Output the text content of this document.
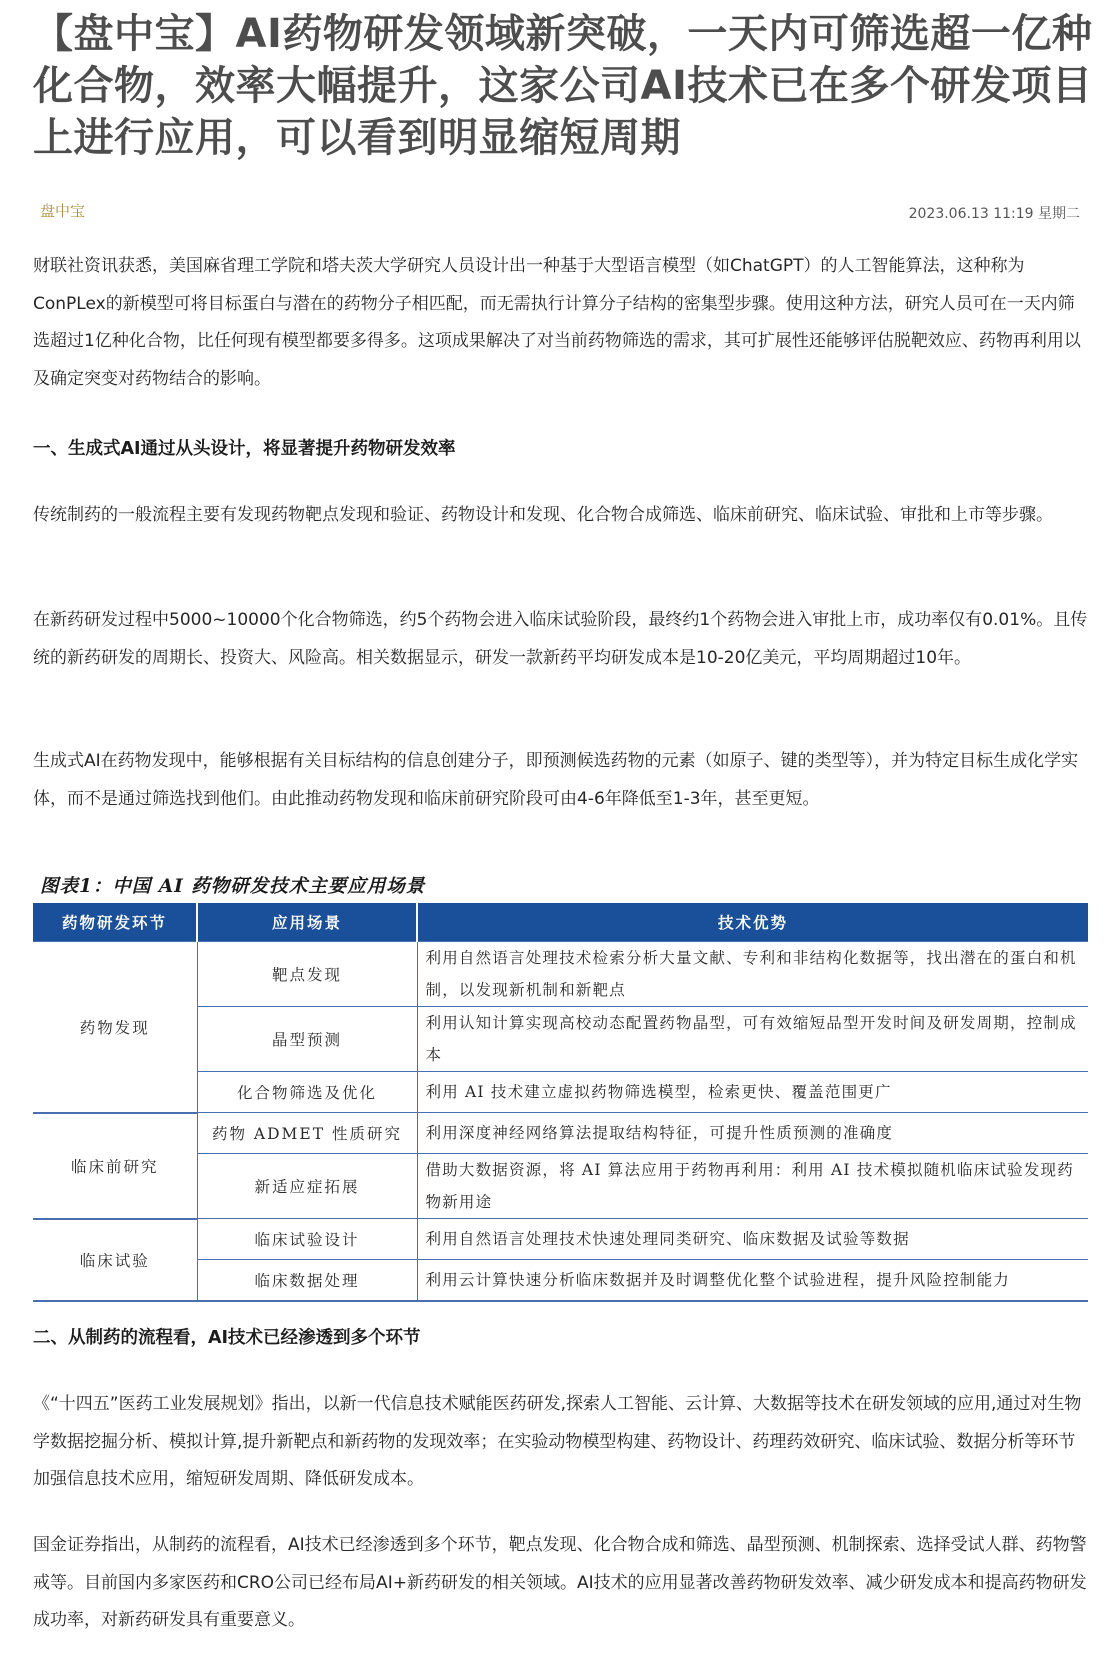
【盘中宝】AI药物研发领域新突破，一天内可筛选超一亿种化合物，效率大幅提升，这家公司AI技术已在多个研发项目上进行应用，可以看到明显缩短周期
盘中宝	2023.06.13 11:19 星期二

财联社资讯获悉，美国麻省理工学院和塔夫茨大学研究人员设计出一种基于大型语言模型（如ChatGPT）的人工智能算法，这种称为ConPLex的新模型可将目标蛋白与潜在的药物分子相匹配，而无需执行计算分子结构的密集型步骤。使用这种方法，研究人员可在一天内筛选超过1亿种化合物，比任何现有模型都要多得多。这项成果解决了对当前药物筛选的需求，其可扩展性还能够评估脱靶效应、药物再利用以及确定突变对药物结合的影响。

一、生成式AI通过从头设计，将显著提升药物研发效率

传统制药的一般流程主要有发现药物靶点发现和验证、药物设计和发现、化合物合成筛选、临床前研究、临床试验、审批和上市等步骤。

在新药研发过程中5000~10000个化合物筛选，约5个药物会进入临床试验阶段，最终约1个药物会进入审批上市，成功率仅有0.01%。且传统的新药研发的周期长、投资大、风险高。相关数据显示，研发一款新药平均研发成本是10-20亿美元，平均周期超过10年。

生成式AI在药物发现中，能够根据有关目标结构的信息创建分子，即预测候选药物的元素（如原子、键的类型等），并为特定目标生成化学实体，而不是通过筛选找到他们。由此推动药物发现和临床前研究阶段可由4-6年降低至1-3年，甚至更短。

图表1：中国 AI 药物研发技术主要应用场景
药物研发环节	应用场景	技术优势
药物发现	靶点发现	利用自然语言处理技术检索分析大量文献、专利和非结构化数据等，找出潜在的蛋白和机制，以发现新机制和新靶点
	晶型预测	利用认知计算实现高校动态配置药物晶型，可有效缩短品型开发时间及研发周期，控制成本
	化合物筛选及优化	利用 AI 技术建立虚拟药物筛选模型，检索更快、覆盖范围更广
临床前研究	药物 ADMET 性质研究	利用深度神经网络算法提取结构特征，可提升性质预测的准确度
	新适应症拓展	借助大数据资源，将 AI 算法应用于药物再利用：利用 AI 技术模拟随机临床试验发现药物新用途
临床试验	临床试验设计	利用自然语言处理技术快速处理同类研究、临床数据及试验等数据
	临床数据处理	利用云计算快速分析临床数据并及时调整优化整个试验进程，提升风险控制能力
二、从制药的流程看，AI技术已经渗透到多个环节

《“十四五”医药工业发展规划》指出，以新一代信息技术赋能医药研发,探索人工智能、云计算、大数据等技术在研发领域的应用,通过对生物学数据挖掘分析、模拟计算,提升新靶点和新药物的发现效率；在实验动物模型构建、药物设计、药理药效研究、临床试验、数据分析等环节加强信息技术应用，缩短研发周期、降低研发成本。

国金证券指出，从制药的流程看，AI技术已经渗透到多个环节，靶点发现、化合物合成和筛选、晶型预测、机制探索、选择受试人群、药物警戒等。目前国内多家医药和CRO公司已经布局AI+新药研发的相关领域。AI技术的应用显著改善药物研发效率、减少研发成本和提高药物研发成功率，对新药研发具有重要意义。
